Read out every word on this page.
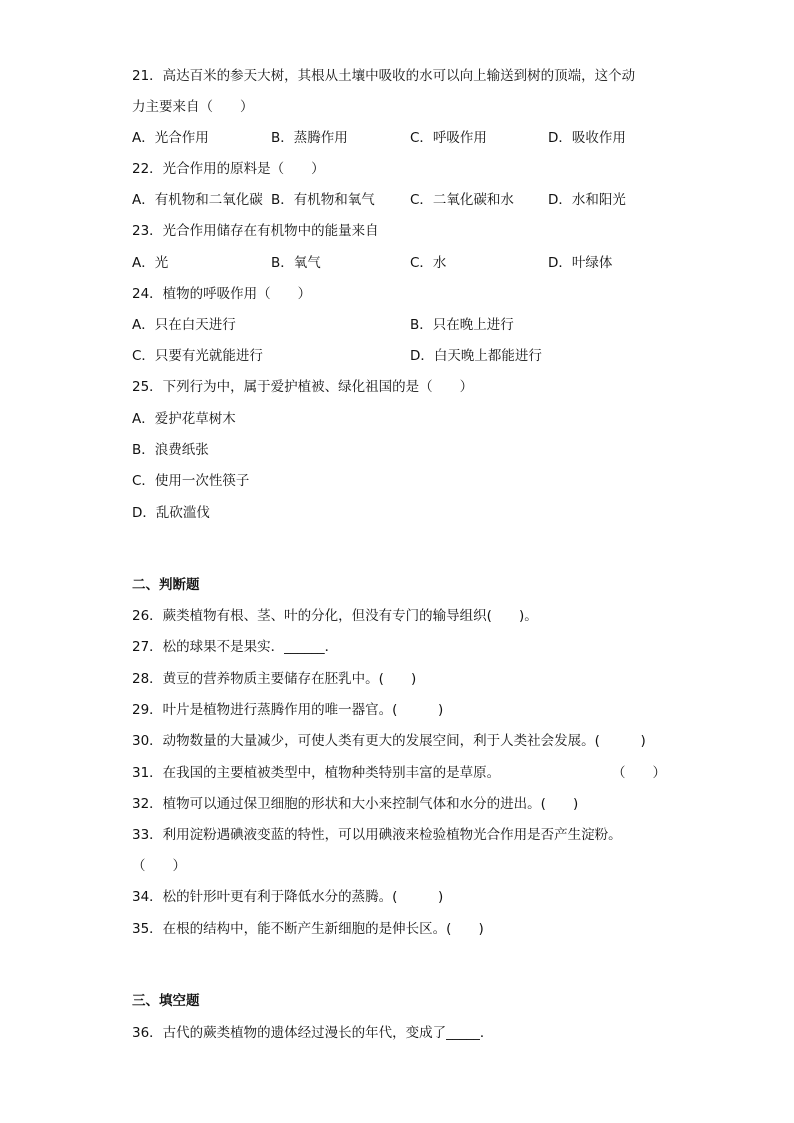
21．高达百米的参天大树，其根从土壤中吸收的水可以向上输送到树的顶端，这个动
力主要来自（　　）
A．光合作用	B．蒸腾作用	C．呼吸作用	D．吸收作用
22．光合作用的原料是（　　）
A．有机物和二氧化碳 B．有机物和氧气	C．二氧化碳和水	D．水和阳光
23．光合作用储存在有机物中的能量来自
A．光	B．氧气	C．水	D．叶绿体
24．植物的呼吸作用（　　）
A．只在白天进行	B．只在晚上进行
C．只要有光就能进行	D．白天晚上都能进行
25．下列行为中，属于爱护植被、绿化祖国的是（　　）
A．爱护花草树木
B．浪费纸张
C．使用一次性筷子
D．乱砍滥伐
二、判断题
26．蕨类植物有根、茎、叶的分化，但没有专门的输导组织(　　)。
27．松的球果不是果实．______．
28．黄豆的营养物质主要储存在胚乳中。(　　)
29．叶片是植物进行蒸腾作用的唯一器官。(　　　)
30．动物数量的大量减少，可使人类有更大的发展空间，利于人类社会发展。(　　　)
31．在我国的主要植被类型中，植物种类特别丰富的是草原。	（　　）
32．植物可以通过保卫细胞的形状和大小来控制气体和水分的进出。(　　)
33．利用淀粉遇碘液变蓝的特性，可以用碘液来检验植物光合作用是否产生淀粉。
（　　）
34．松的针形叶更有利于降低水分的蒸腾。(　　　)
35．在根的结构中，能不断产生新细胞的是伸长区。(　　)
三、填空题
36．古代的蕨类植物的遗体经过漫长的年代，变成了_____．
